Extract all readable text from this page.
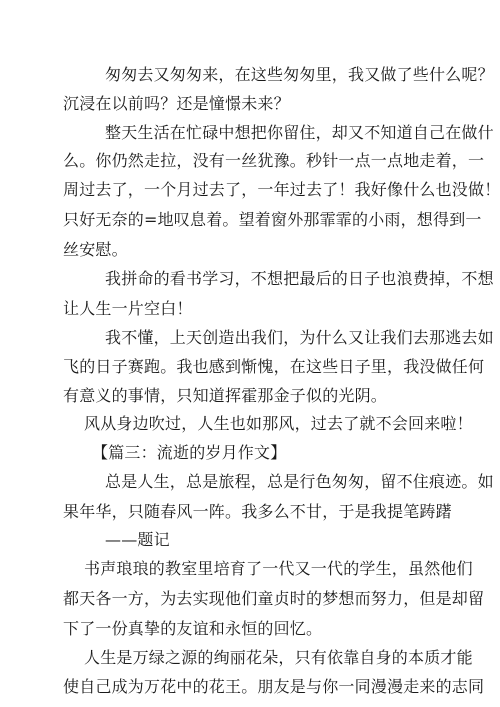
匆匆去又匆匆来，在这些匆匆里，我又做了些什么呢？
沉浸在以前吗？还是憧憬未来？
整天生活在忙碌中想把你留住，却又不知道自己在做什
么。你仍然走拉，没有一丝犹豫。秒针一点一点地走着，一
周过去了，一个月过去了，一年过去了！我好像什么也没做！
只好无奈的=地叹息着。望着窗外那霏霏的小雨，想得到一
丝安慰。
我拼命的看书学习，不想把最后的日子也浪费掉，不想
让人生一片空白！
我不懂，上天创造出我们，为什么又让我们去那逃去如
飞的日子赛跑。我也感到惭愧，在这些日子里，我没做任何
有意义的事情，只知道挥霍那金子似的光阴。
风从身边吹过，人生也如那风，过去了就不会回来啦！
【篇三：流逝的岁月作文】
总是人生，总是旅程，总是行色匆匆，留不住痕迹。如
果年华，只随春风一阵。我多么不甘，于是我提笔踌躇
——题记
书声琅琅的教室里培育了一代又一代的学生，虽然他们
都天各一方，为去实现他们童贞时的梦想而努力，但是却留
下了一份真挚的友谊和永恒的回忆。
人生是万绿之源的绚丽花朵，只有依靠自身的本质才能
使自己成为万花中的花王。朋友是与你一同漫漫走来的志同
